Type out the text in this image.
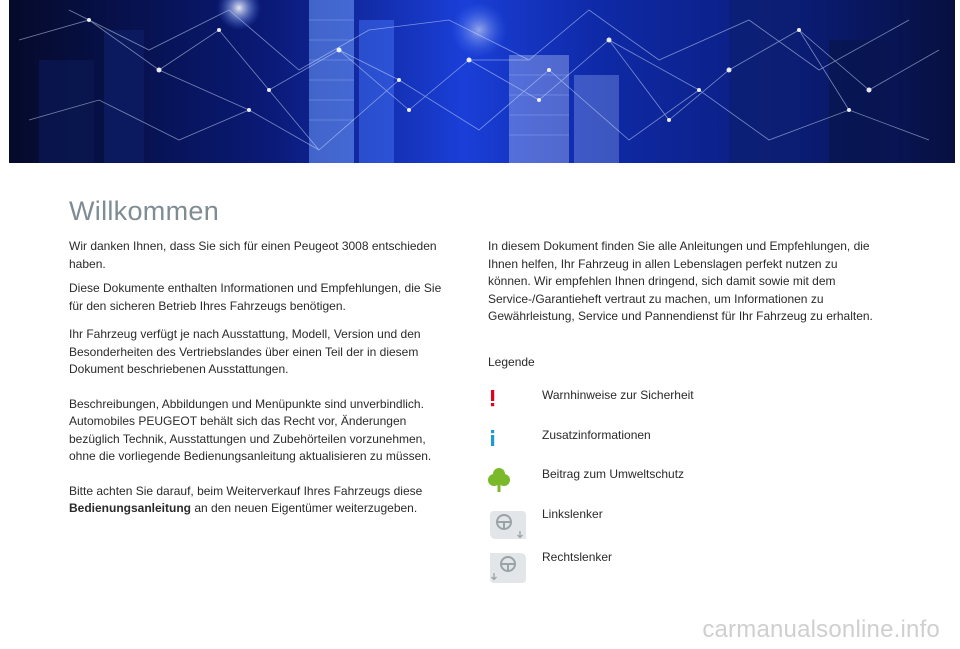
Willkommen

Wir danken Ihnen, dass Sie sich für einen Peugeot 3008 entschieden haben.

Diese Dokumente enthalten Informationen und Empfehlungen, die Sie für den sicheren Betrieb Ihres Fahrzeugs benötigen.

Ihr Fahrzeug verfügt je nach Ausstattung, Modell, Version und den Besonderheiten des Vertriebslandes über einen Teil der in diesem Dokument beschriebenen Ausstattungen.

Beschreibungen, Abbildungen und Menüpunkte sind unverbindlich. Automobiles PEUGEOT behält sich das Recht vor, Änderungen bezüglich Technik, Ausstattungen und Zubehörteilen vorzunehmen, ohne die vorliegende Bedienungsanleitung aktualisieren zu müssen.

Bitte achten Sie darauf, beim Weiterverkauf Ihres Fahrzeugs diese Bedienungsanleitung an den neuen Eigentümer weiterzugeben.

In diesem Dokument finden Sie alle Anleitungen und Empfehlungen, die Ihnen helfen, Ihr Fahrzeug in allen Lebenslagen perfekt nutzen zu können. Wir empfehlen Ihnen dringend, sich damit sowie mit dem Service-/Garantieheft vertraut zu machen, um Informationen zu Gewährleistung, Service und Pannendienst für Ihr Fahrzeug zu erhalten.

Legende
Warnhinweise zur Sicherheit
Zusatzinformationen
Beitrag zum Umweltschutz
Linkslenker
Rechtslenker
carmanualsonline.info
